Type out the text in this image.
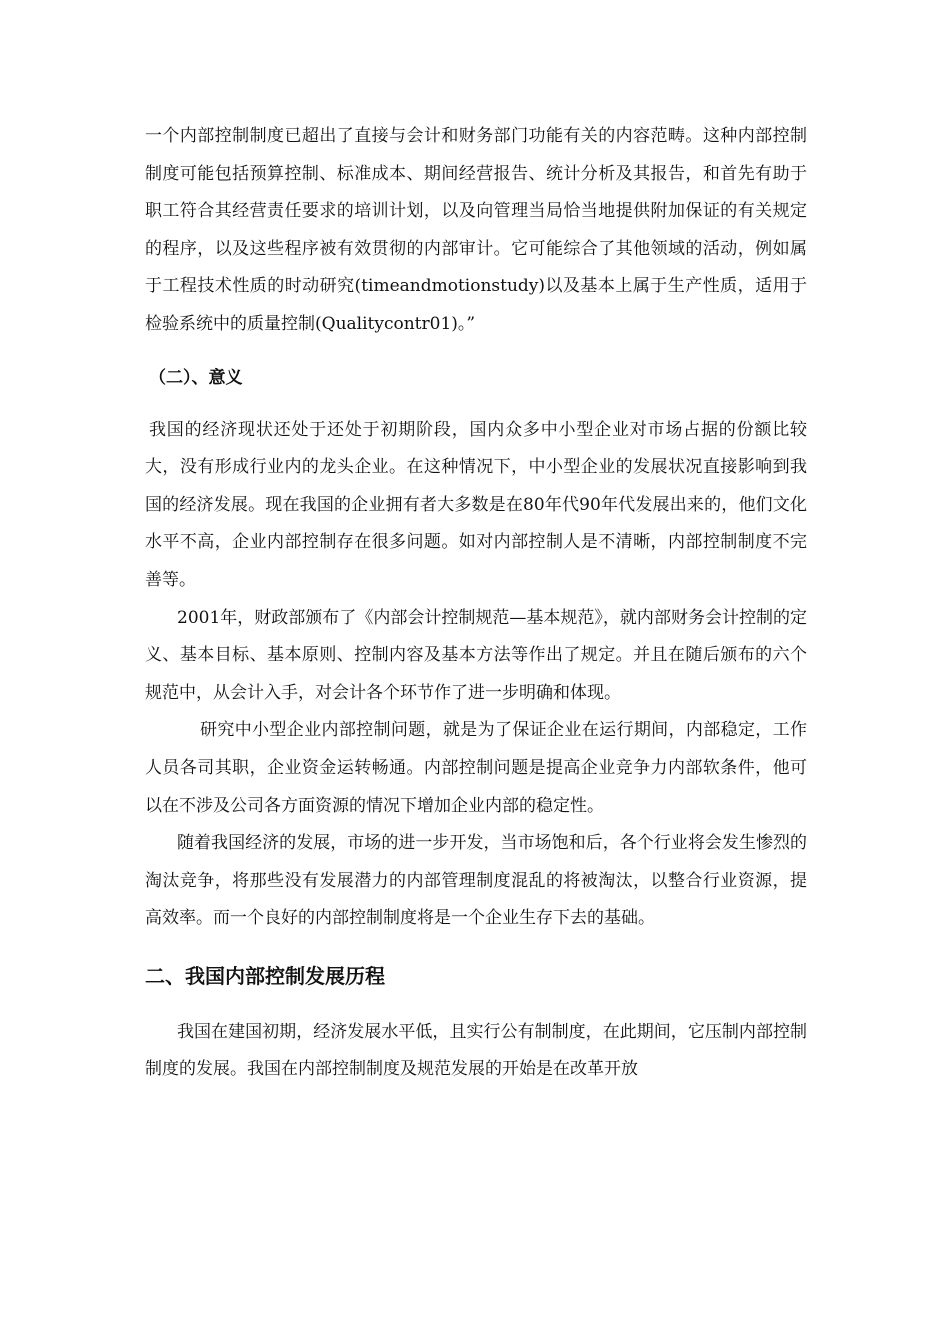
一个内部控制制度已超出了直接与会计和财务部门功能有关的内容范畴。这种内部控制制度可能包括预算控制、标准成本、期间经营报告、统计分析及其报告，和首先有助于职工符合其经营责任要求的培训计划，以及向管理当局恰当地提供附加保证的有关规定的程序，以及这些程序被有效贯彻的内部审计。它可能综合了其他领域的活动，例如属于工程技术性质的时动研究(timeandmotionstudy)以及基本上属于生产性质，适用于检验系统中的质量控制(Qualitycontr01)。”

（二）、意义

我国的经济现状还处于还处于初期阶段，国内众多中小型企业对市场占据的份额比较大，没有形成行业内的龙头企业。在这种情况下，中小型企业的发展状况直接影响到我国的经济发展。现在我国的企业拥有者大多数是在80年代90年代发展出来的，他们文化水平不高，企业内部控制存在很多问题。如对内部控制人是不清晰，内部控制制度不完善等。

2001年，财政部颁布了《内部会计控制规范—基本规范》，就内部财务会计控制的定义、基本目标、基本原则、控制内容及基本方法等作出了规定。并且在随后颁布的六个规范中，从会计入手，对会计各个环节作了进一步明确和体现。

研究中小型企业内部控制问题，就是为了保证企业在运行期间，内部稳定，工作人员各司其职，企业资金运转畅通。内部控制问题是提高企业竞争力内部软条件，他可以在不涉及公司各方面资源的情况下增加企业内部的稳定性。

随着我国经济的发展，市场的进一步开发，当市场饱和后，各个行业将会发生惨烈的淘汰竞争，将那些没有发展潜力的内部管理制度混乱的将被淘汰，以整合行业资源，提高效率。而一个良好的内部控制制度将是一个企业生存下去的基础。

二、我国内部控制发展历程

我国在建国初期，经济发展水平低，且实行公有制制度，在此期间，它压制内部控制制度的发展。我国在内部控制制度及规范发展的开始是在改革开放
